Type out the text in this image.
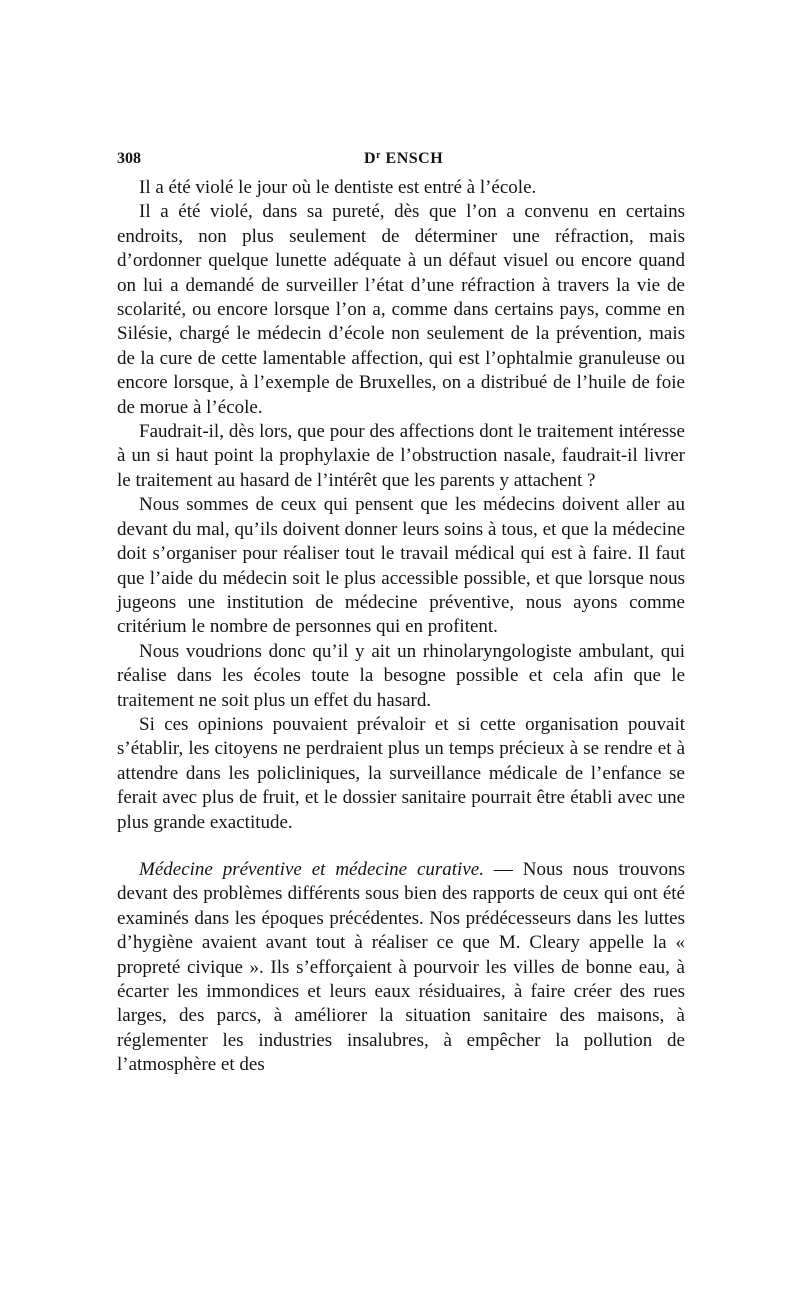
308	$D^r$ ENSCH

Il a été violé le jour où le dentiste est entré à l’école.

Il a été violé, dans sa pureté, dès que l’on a convenu en certains endroits, non plus seulement de déterminer une réfraction, mais d’ordonner quelque lunette adéquate à un défaut visuel ou encore quand on lui a demandé de surveiller l’état d’une réfraction à travers la vie de scolarité, ou encore lorsque l’on a, comme dans certains pays, comme en Silésie, chargé le médecin d’école non seulement de la prévention, mais de la cure de cette lamentable affection, qui est l’ophtalmie granuleuse ou encore lorsque, à l’exemple de Bruxelles, on a distribué de l’huile de foie de morue à l’école.

Faudrait-il, dès lors, que pour des affections dont le traitement intéresse à un si haut point la prophylaxie de l’obstruction nasale, faudrait-il livrer le traitement au hasard de l’intérêt que les parents y attachent ?

Nous sommes de ceux qui pensent que les médecins doivent aller au devant du mal, qu’ils doivent donner leurs soins à tous, et que la médecine doit s’organiser pour réaliser tout le travail médical qui est à faire. Il faut que l’aide du médecin soit le plus accessible possible, et que lorsque nous jugeons une institution de médecine préventive, nous ayons comme critérium le nombre de personnes qui en profitent.

Nous voudrions donc qu’il y ait un rhinolaryngologiste ambulant, qui réalise dans les écoles toute la besogne possible et cela afin que le traitement ne soit plus un effet du hasard.

Si ces opinions pouvaient prévaloir et si cette organisation pouvait s’établir, les citoyens ne perdraient plus un temps précieux à se rendre et à attendre dans les policliniques, la surveillance médicale de l’enfance se ferait avec plus de fruit, et le dossier sanitaire pourrait être établi avec une plus grande exactitude.

Médecine préventive et médecine curative. — Nous nous trouvons devant des problèmes différents sous bien des rapports de ceux qui ont été examinés dans les époques précédentes. Nos prédécesseurs dans les luttes d’hygiène avaient avant tout à réaliser ce que M. Cleary appelle la « propreté civique ». Ils s’efforçaient à pourvoir les villes de bonne eau, à écarter les immondices et leurs eaux résiduaires, à faire créer des rues larges, des parcs, à améliorer la situation sanitaire des maisons, à réglementer les industries insalubres, à empêcher la pollution de l’atmosphère et des
